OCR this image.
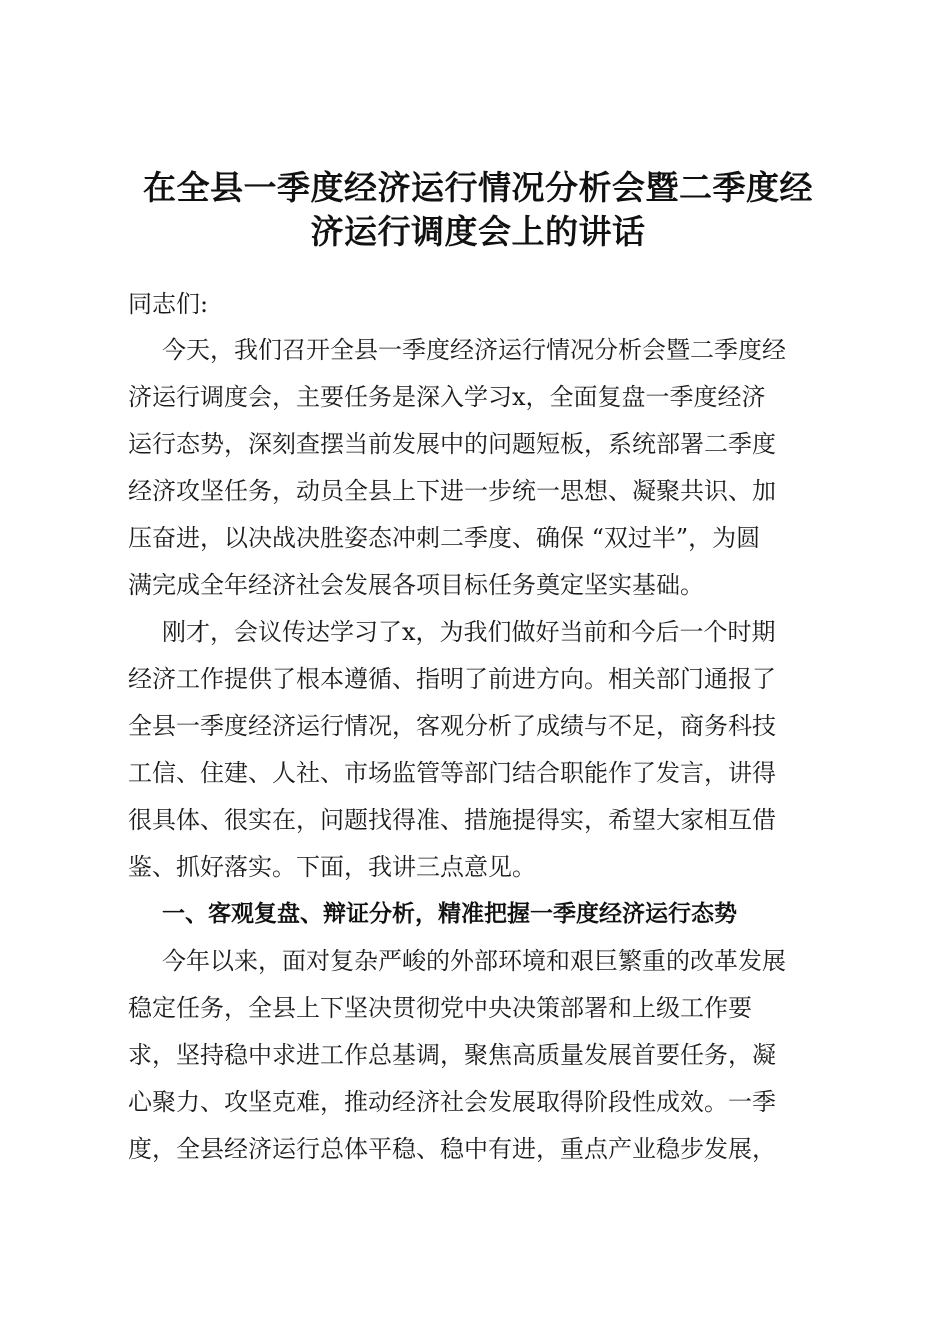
在全县一季度经济运行情况分析会暨二季度经
济运行调度会上的讲话

同志们:

今天，我们召开全县一季度经济运行情况分析会暨二季度经
济运行调度会，主要任务是深入学习x，全面复盘一季度经济
运行态势，深刻查摆当前发展中的问题短板，系统部署二季度
经济攻坚任务，动员全县上下进一步统一思想、凝聚共识、加
压奋进，以决战决胜姿态冲刺二季度、确保 “双过半”，为圆
满完成全年经济社会发展各项目标任务奠定坚实基础。

刚才，会议传达学习了x，为我们做好当前和今后一个时期
经济工作提供了根本遵循、指明了前进方向。相关部门通报了
全县一季度经济运行情况，客观分析了成绩与不足，商务科技
工信、住建、人社、市场监管等部门结合职能作了发言，讲得
很具体、很实在，问题找得准、措施提得实，希望大家相互借
鉴、抓好落实。下面，我讲三点意见。

一、客观复盘、辩证分析，精准把握一季度经济运行态势

今年以来，面对复杂严峻的外部环境和艰巨繁重的改革发展
稳定任务，全县上下坚决贯彻党中央决策部署和上级工作要
求，坚持稳中求进工作总基调，聚焦高质量发展首要任务，凝
心聚力、攻坚克难，推动经济社会发展取得阶段性成效。一季
度，全县经济运行总体平稳、稳中有进，重点产业稳步发展，
